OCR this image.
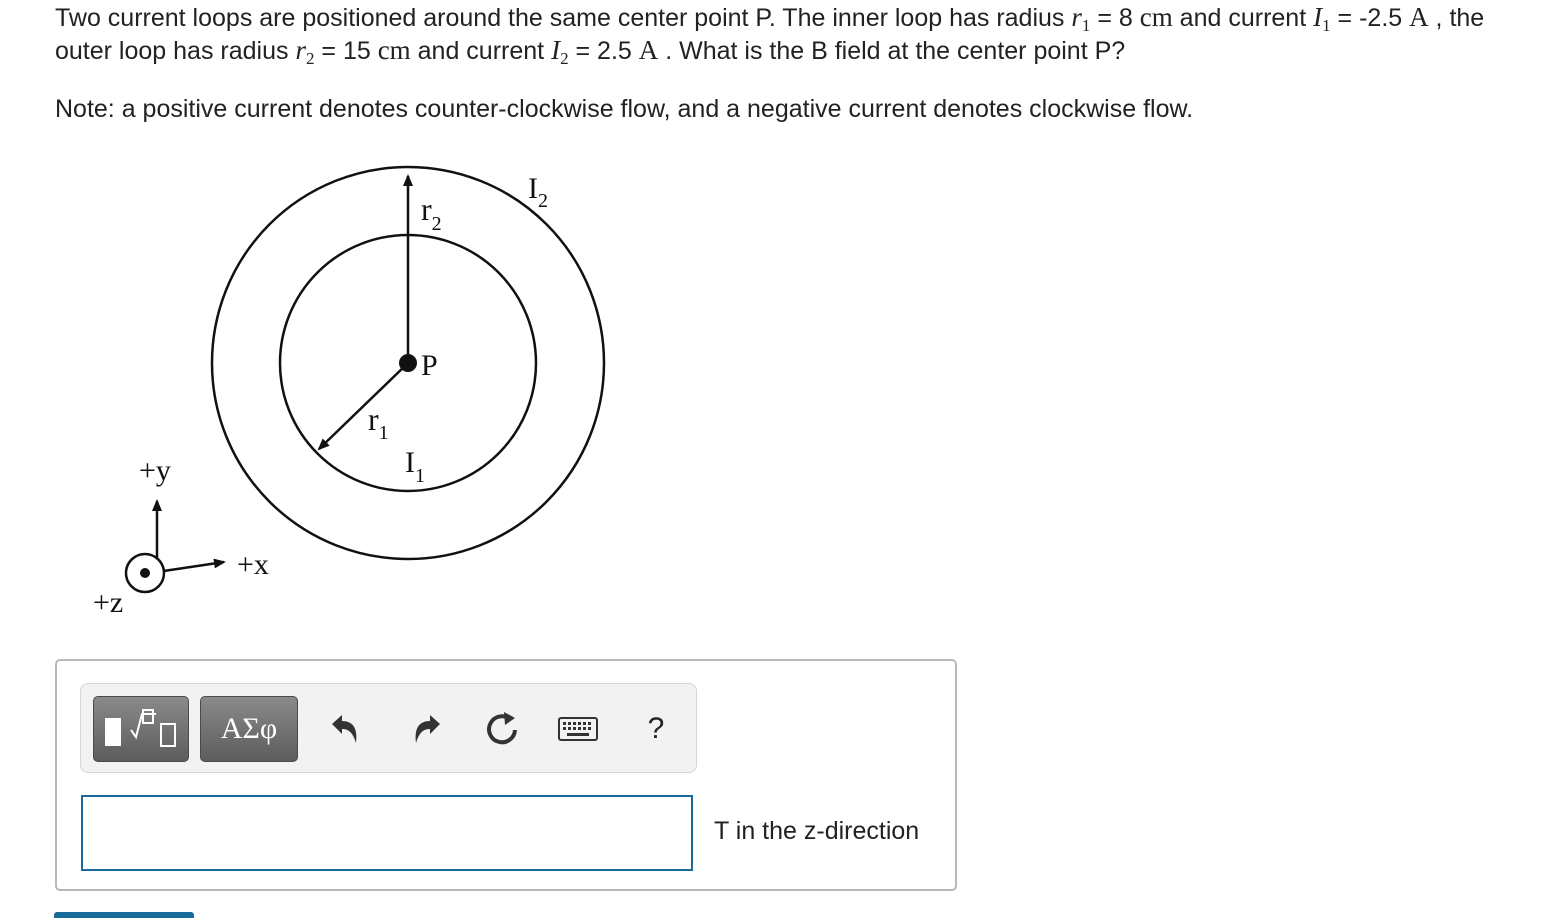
Two current loops are positioned around the same center point P. The inner loop has radius $r_1 = 8$ cm and current $I_1 = -2.5$ A , the outer loop has radius $r_2 = 15$ cm and current $I_2 = 2.5$ A . What is the B field at the center point P?

Note: a positive current denotes counter-clockwise flow, and a negative current denotes clockwise flow.

$I_2$
$r_2$
P
$r_1$
$I_1$
+y
+x
+z
ΑΣφ	?
T in the z-direction
